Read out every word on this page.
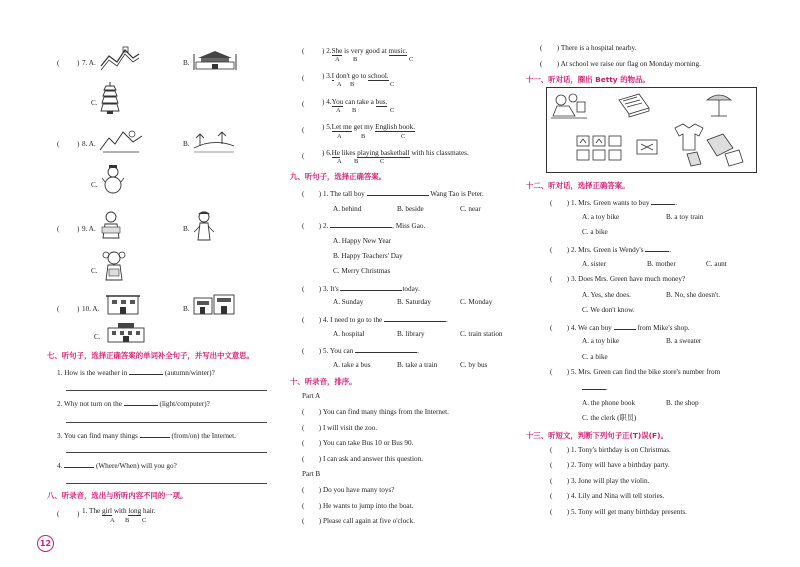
( ) 7. A.	B.
C.
( ) 8. A.	B.
C.
( ) 9. A.	B.
C.
( ) 10. A.	B.
C.
七、听句子，选择正确答案的单词补全句子，并写出中文意思。
1. How is the weather in	(autumn/winter)?
2. Why not turn on the	(light/computer)?
3. You can find many things	(from/on) the Internet.
4.	(Where/When) will you go?
八、听录音，选出与所听内容不同的一项。
( ) 1. The girl with long hair.
A B C
12
( ) 2.She is very good at music.
A B	C
( ) 3.I don't go to school.
A B	C
( ) 4.You can take a bus.
A B	C
( ) 5.Let me get my English book.
A	B	C
( ) 6.He likes playing basketball with his classmates.
A B	C
九、听句子，选择正确答案。
(        ) 1. The tall boy	Wang Tao is Peter.
A. behind	B. beside	C. near
(        ) 2.	, Miss Gao.
A. Happy New Year
B. Happy Teachers' Day
C. Merry Christmas
(        ) 3. It's	today.
A. Sunday	B. Saturday	C. Monday
(        ) 4. I need to go to the	.
A. hospital	B. library	C. train station
(        ) 5. You can	.
A. take a bus	B. take a train	C. by bus
十、听录音，排序。
Part A
(        ) You can find many things from the Internet.
(        ) I will visit the zoo.
(        ) You can take Bus 10 or Bus 90.
(        ) I can ask and answer this question.
Part B
(        ) Do you have many toys?
(        ) He wants to jump into the boat.
(        ) Please call again at five o'clock.
(        ) There is a hospital nearby.
(        ) At school we raise our flag on Monday morning.
十一、听对话，圈出 Betty 的物品。
十二、听对话，选择正确答案。
(        ) 1. Mrs. Green wants to buy	.
A. a toy bike	B. a toy train
C. a bike
(        ) 2. Mrs. Green is Wendy's	.
A. sister	B. mother	C. aunt
(        ) 3. Does Mrs. Green have much money?
A. Yes, she does.	B. No, she doesn't.
C. We don't know.
(        ) 4. We can buy	from Mike's shop.
A. a toy bike	B. a sweater
C. a bike
(        ) 5. Mrs. Green can find the bike store's number from
.
A. the phone book	B. the shop
C. the clerk (职员)
十三、听短文，判断下列句子正(T)误(F)。
(        ) 1. Tony's birthday is on Christmas.
(        ) 2. Tony will have a birthday party.
(        ) 3. Jone will play the violin.
(        ) 4. Lily and Nina will tell stories.
(        ) 5. Tony will get many birthday presents.
